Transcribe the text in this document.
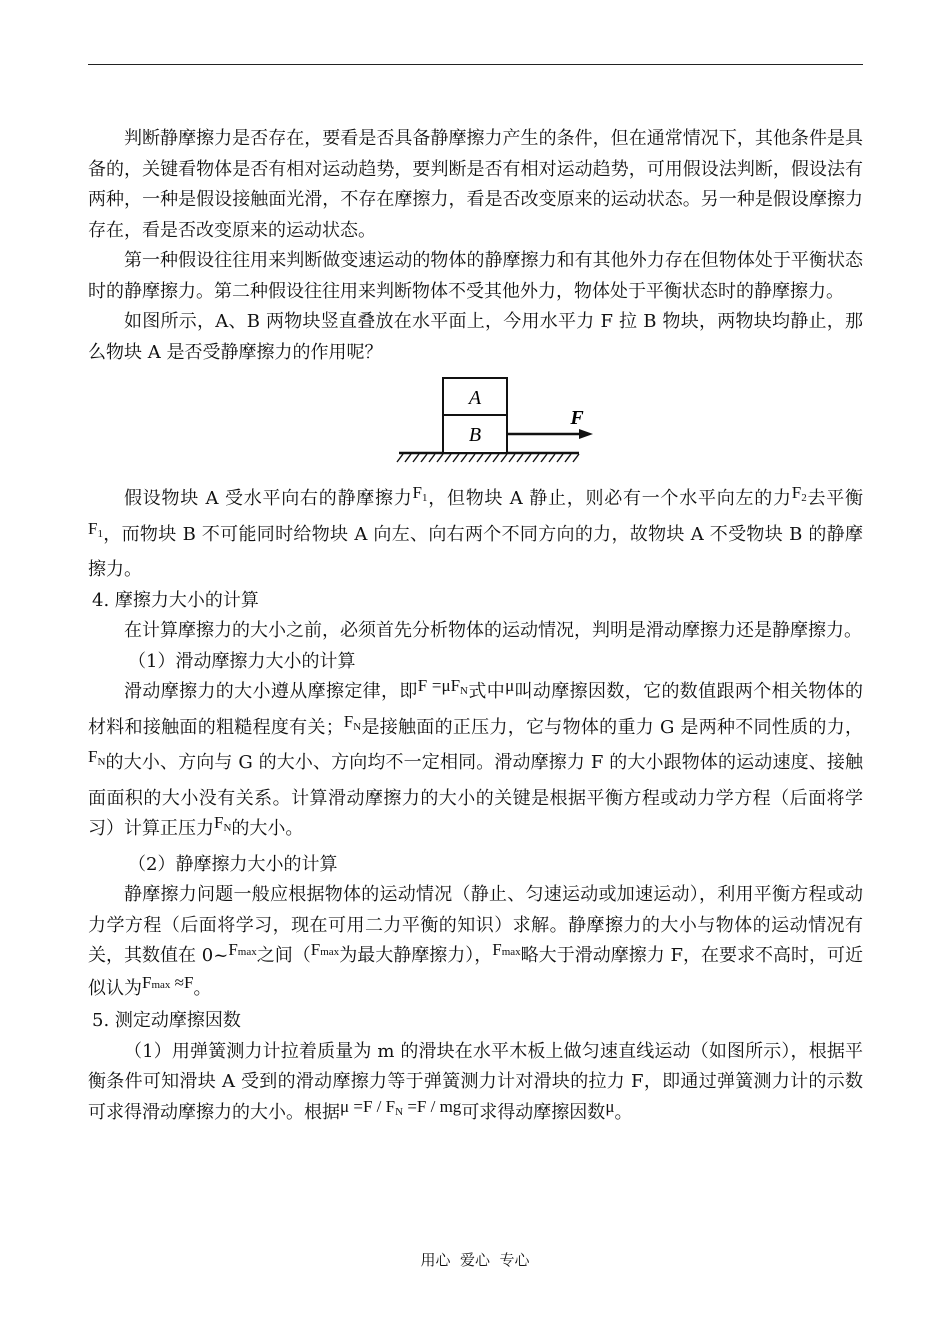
判断静摩擦力是否存在，要看是否具备静摩擦力产生的条件，但在通常情况下，其他条件是具备的，关键看物体是否有相对运动趋势，要判断是否有相对运动趋势，可用假设法判断，假设法有两种，一种是假设接触面光滑，不存在摩擦力，看是否改变原来的运动状态。另一种是假设摩擦力存在，看是否改变原来的运动状态。

第一种假设往往用来判断做变速运动的物体的静摩擦力和有其他外力存在但物体处于平衡状态时的静摩擦力。第二种假设往往用来判断物体不受其他外力，物体处于平衡状态时的静摩擦力。

如图所示，A、B 两物块竖直叠放在水平面上，今用水平力 F 拉 B 物块，两物块均静止，那么物块 A 是否受静摩擦力的作用呢？

A
B
F

假设物块 A 受水平向右的静摩擦力$F_1$，但物块 A 静止，则必有一个水平向左的力$F_2$去平衡$F_1$，而物块 B 不可能同时给物块 A 向左、向右两个不同方向的力，故物块 A 不受物块 B 的静摩擦力。

4. 摩擦力大小的计算

在计算摩擦力的大小之前，必须首先分析物体的运动情况，判明是滑动摩擦力还是静摩擦力。

（1）滑动摩擦力大小的计算

滑动摩擦力的大小遵从摩擦定律，即$F =\mu F_N$式中μ叫动摩擦因数，它的数值跟两个相关物体的材料和接触面的粗糙程度有关；$F_N$是接触面的正压力，它与物体的重力 G 是两种不同性质的力，$F_N$的大小、方向与 G 的大小、方向均不一定相同。滑动摩擦力 F 的大小跟物体的运动速度、接触面面积的大小没有关系。计算滑动摩擦力的大小的关键是根据平衡方程或动力学方程（后面将学习）计算正压力$F_N$的大小。

（2）静摩擦力大小的计算

静摩擦力问题一般应根据物体的运动情况（静止、匀速运动或加速运动），利用平衡方程或动力学方程（后面将学习，现在可用二力平衡的知识）求解。静摩擦力的大小与物体的运动情况有关，其数值在 0~Fmax之间（Fmax为最大静摩擦力），Fmax略大于滑动摩擦力 F，在要求不高时，可近似认为Fmax ≈F。

5. 测定动摩擦因数

（1）用弹簧测力计拉着质量为 m 的滑块在水平木板上做匀速直线运动（如图所示），根据平衡条件可知滑块 A 受到的滑动摩擦力等于弹簧测力计对滑块的拉力 F，即通过弹簧测力计的示数可求得滑动摩擦力的大小。根据$\mu =F / F_N =F$ / mg可求得动摩擦因数μ。

用心  爱心  专心
